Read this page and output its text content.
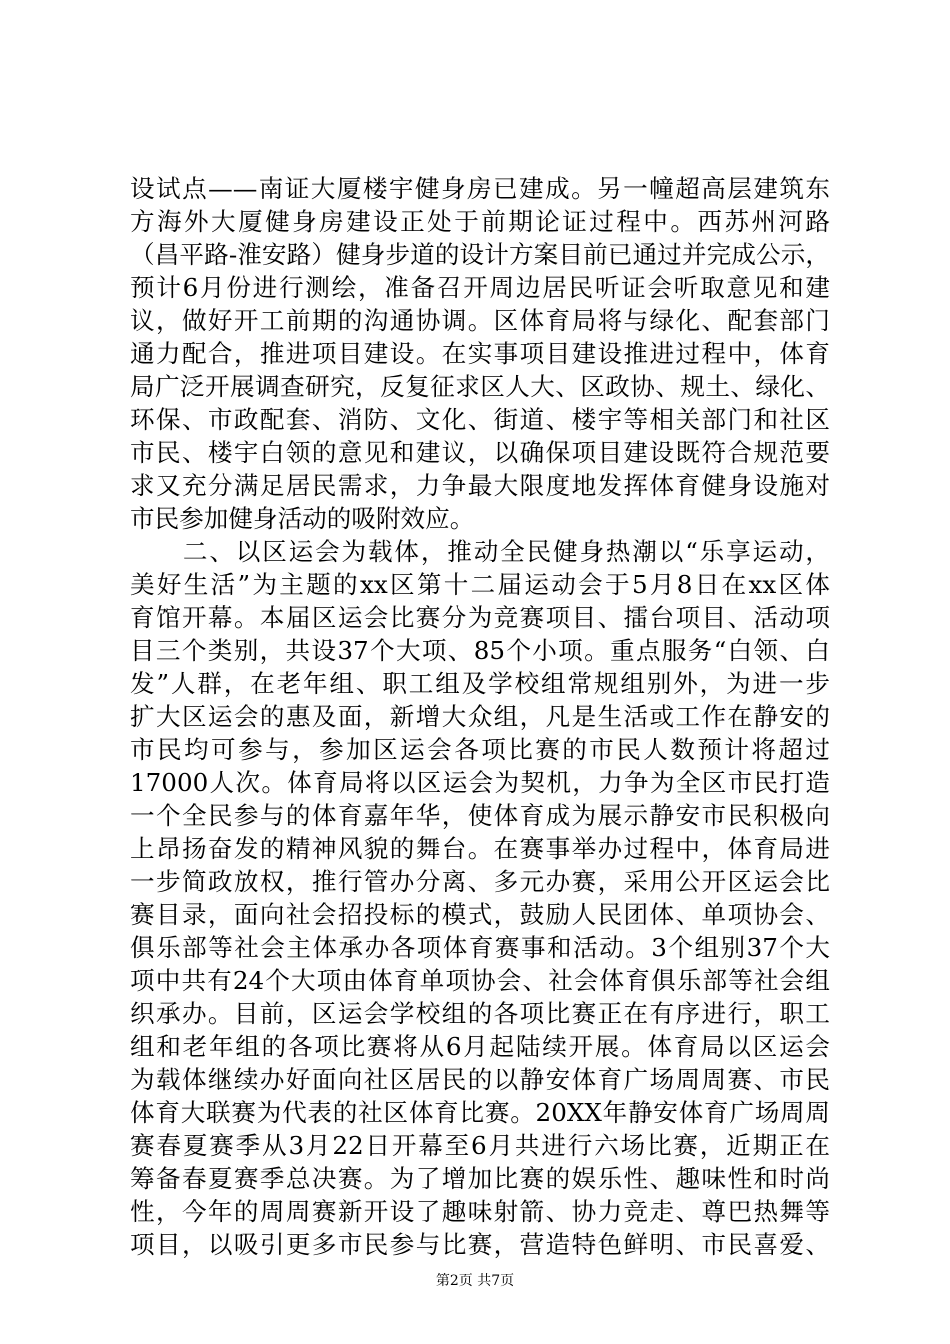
设试点——南证大厦楼宇健身房已建成。另一幢超高层建筑东
方海外大厦健身房建设正处于前期论证过程中。西苏州河路
（昌平路-淮安路）健身步道的设计方案目前已通过并完成公示，
预计6月份进行测绘，准备召开周边居民听证会听取意见和建
议，做好开工前期的沟通协调。区体育局将与绿化、配套部门
通力配合，推进项目建设。在实事项目建设推进过程中，体育
局广泛开展调查研究，反复征求区人大、区政协、规土、绿化、
环保、市政配套、消防、文化、街道、楼宇等相关部门和社区
市民、楼宇白领的意见和建议，以确保项目建设既符合规范要
求又充分满足居民需求，力争最大限度地发挥体育健身设施对
市民参加健身活动的吸附效应。
　　二、以区运会为载体，推动全民健身热潮以“乐享运动，
美好生活”为主题的xx区第十二届运动会于5月8日在xx区体
育馆开幕。本届区运会比赛分为竞赛项目、擂台项目、活动项
目三个类别，共设37个大项、85个小项。重点服务“白领、白
发”人群，在老年组、职工组及学校组常规组别外，为进一步
扩大区运会的惠及面，新增大众组，凡是生活或工作在静安的
市民均可参与，参加区运会各项比赛的市民人数预计将超过
17000人次。体育局将以区运会为契机，力争为全区市民打造
一个全民参与的体育嘉年华，使体育成为展示静安市民积极向
上昂扬奋发的精神风貌的舞台。在赛事举办过程中，体育局进
一步简政放权，推行管办分离、多元办赛，采用公开区运会比
赛目录，面向社会招投标的模式，鼓励人民团体、单项协会、
俱乐部等社会主体承办各项体育赛事和活动。3个组别37个大
项中共有24个大项由体育单项协会、社会体育俱乐部等社会组
织承办。目前，区运会学校组的各项比赛正在有序进行，职工
组和老年组的各项比赛将从6月起陆续开展。体育局以区运会
为载体继续办好面向社区居民的以静安体育广场周周赛、市民
体育大联赛为代表的社区体育比赛。20XX年静安体育广场周周
赛春夏赛季从3月22日开幕至6月共进行六场比赛，近期正在
筹备春夏赛季总决赛。为了增加比赛的娱乐性、趣味性和时尚
性，今年的周周赛新开设了趣味射箭、协力竞走、尊巴热舞等
项目，以吸引更多市民参与比赛，营造特色鲜明、市民喜爱、
第2页 共7页
